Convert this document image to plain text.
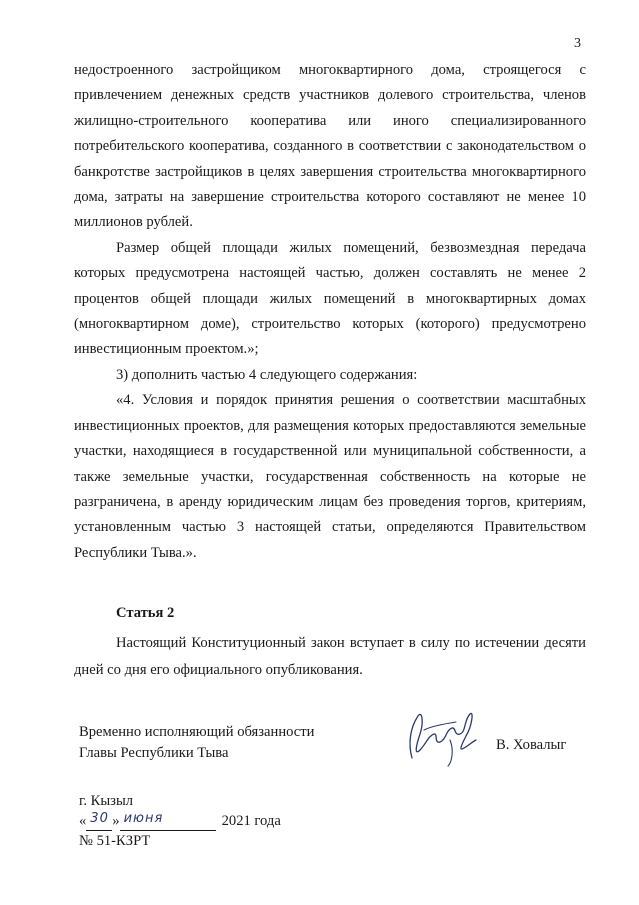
3

недостроенного застройщиком многоквартирного дома, строящегося с привлечением денежных средств участников долевого строительства, членов жилищно-строительного кооператива или иного специализированного потребительского кооператива, созданного в соответствии с законодательством о банкротстве застройщиков в целях завершения строительства многоквартирного дома, затраты на завершение строительства которого составляют не менее 10 миллионов рублей.

Размер общей площади жилых помещений, безвозмездная передача которых предусмотрена настоящей частью, должен составлять не менее 2 процентов общей площади жилых помещений в многоквартирных домах (многоквартирном доме), строительство которых (которого) предусмотрено инвестиционным проектом.»;

3) дополнить частью 4 следующего содержания:

«4. Условия и порядок принятия решения о соответствии масштабных инвестиционных проектов, для размещения которых предоставляются земельные участки, находящиеся в государственной или муниципальной собственности, а также земельные участки, государственная собственность на которые не разграничена, в аренду юридическим лицам без проведения торгов, критериям, установленным частью 3 настоящей статьи, определяются Правительством Республики Тыва.».

Статья 2

Настоящий Конституционный закон вступает в силу по истечении десяти дней со дня его официального опубликования.

Временно исполняющий обязанности
Главы Республики Тыва	В. Ховалыг
г. Кызыл
« 30 » июня	2021 года
№ 51-КЗРТ
